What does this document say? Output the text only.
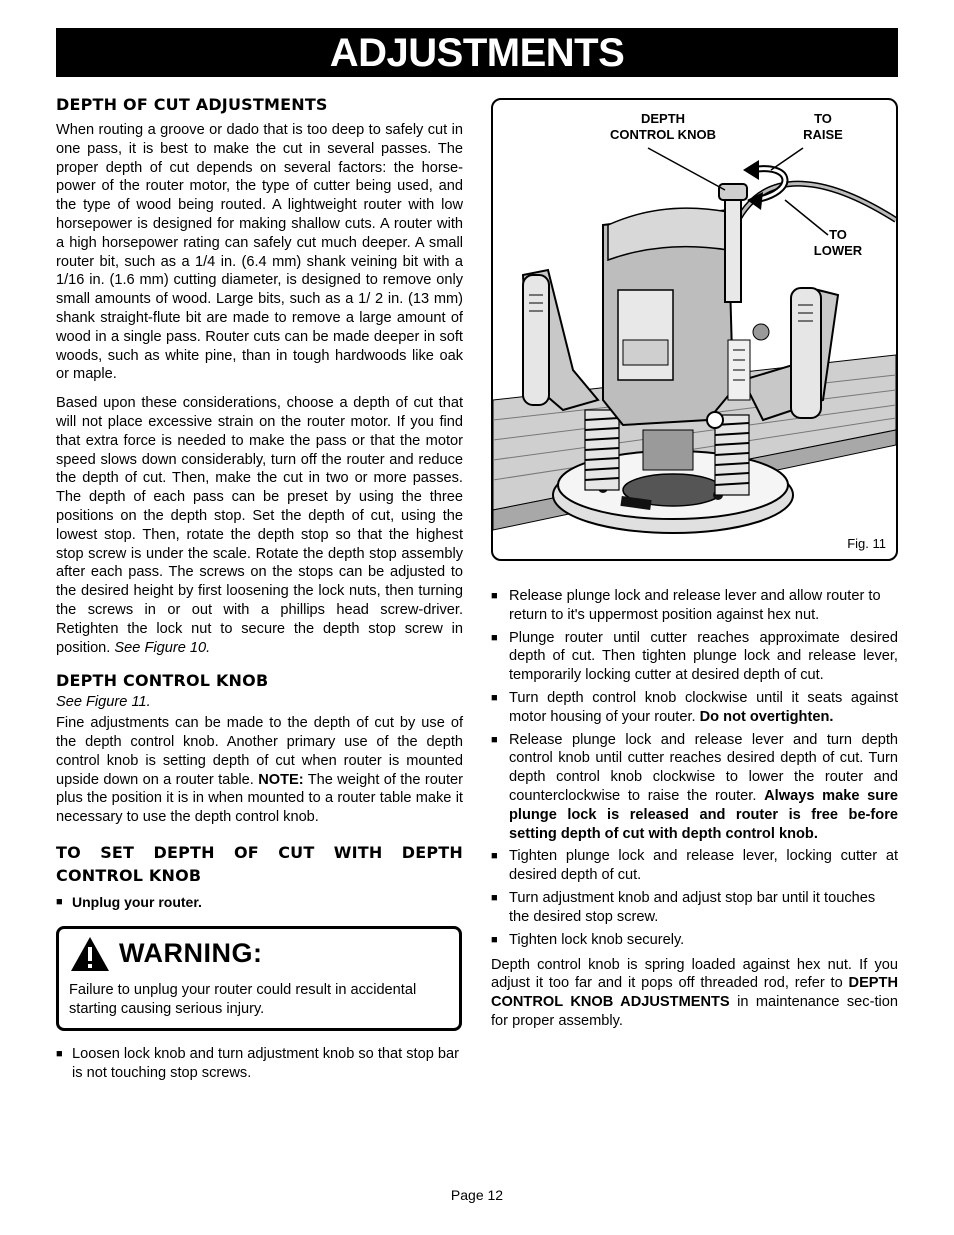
ADJUSTMENTS
DEPTH OF CUT ADJUSTMENTS

When routing a groove or dado that is too deep to safely cut in one pass, it is best to make the cut in several passes. The proper depth of cut depends on several factors: the horse-power of the router motor, the type of cutter being used, and the type of wood being routed. A lightweight router with low horsepower is designed for making shallow cuts. A router with a high horsepower rating can safely cut much deeper. A small router bit, such as a 1/4 in. (6.4 mm) shank veining bit with a 1/16 in. (1.6 mm) cutting diameter, is designed to remove only small amounts of wood. Large bits, such as a 1/ 2 in. (13 mm) shank straight-flute bit are made to remove a large amount of wood in a single pass. Router cuts can be made deeper in soft woods, such as white pine, than in tough hardwoods like oak or maple.

Based upon these considerations, choose a depth of cut that will not place excessive strain on the router motor. If you find that extra force is needed to make the pass or that the motor speed slows down considerably, turn off the router and reduce the depth of cut. Then, make the cut in two or more passes. The depth of each pass can be preset by using the three positions on the depth stop. Set the depth of cut, using the lowest stop. Then, rotate the depth stop so that the highest stop screw is under the scale. Rotate the depth stop assembly after each pass. The screws on the stops can be adjusted to the desired height by first loosening the lock nuts, then turning the screws in or out with a phillips head screw-driver. Retighten the lock nut to secure the depth stop screw in position. See Figure 10.

DEPTH CONTROL KNOB

See Figure 11.

Fine adjustments can be made to the depth of cut by use of the depth control knob. Another primary use of the depth control knob is setting depth of cut when router is mounted upside down on a router table. NOTE: The weight of the router plus the position it is in when mounted to a router table make it necessary to use the depth control knob.

TO SET DEPTH OF CUT WITH DEPTH CONTROL KNOB
■ Unplug your router.
WARNING:

Failure to unplug your router could result in accidental starting causing serious injury.

■ Loosen lock knob and turn adjustment knob so that stop bar is not touching stop screws.
DEPTH
CONTROL KNOB
TO
RAISE
TO
LOWER
Fig. 11
■ Release plunge lock and release lever and allow router to return to it's uppermost position against hex nut.
■ Plunge router until cutter reaches approximate desired depth of cut. Then tighten plunge lock and release lever, temporarily locking cutter at desired depth of cut.
■ Turn depth control knob clockwise until it seats against motor housing of your router. Do not overtighten.
■ Release plunge lock and release lever and turn depth control knob until cutter reaches desired depth of cut. Turn depth control knob clockwise to lower the router and counterclockwise to raise the router. Always make sure plunge lock is released and router is free be-fore setting depth of cut with depth control knob.
■ Tighten plunge lock and release lever, locking cutter at desired depth of cut.
■ Turn adjustment knob and adjust stop bar until it touches the desired stop screw.
■ Tighten lock knob securely.

Depth control knob is spring loaded against hex nut. If you adjust it too far and it pops off threaded rod, refer to DEPTH CONTROL KNOB ADJUSTMENTS in maintenance sec-tion for proper assembly.

Page 12
